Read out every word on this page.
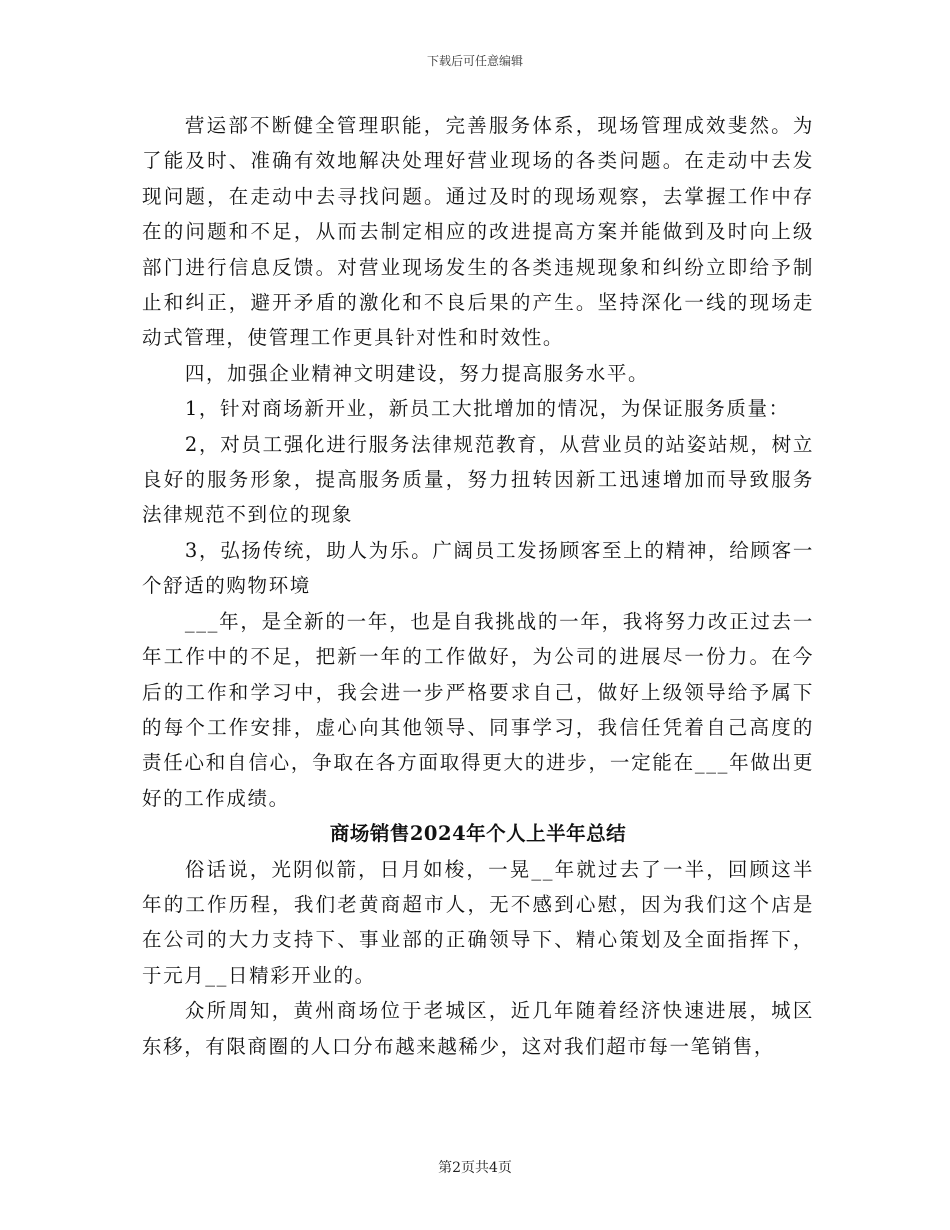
下载后可任意编辑

营运部不断健全管理职能，完善服务体系，现场管理成效斐然。为了能及时、准确有效地解决处理好营业现场的各类问题。在走动中去发现问题，在走动中去寻找问题。通过及时的现场观察，去掌握工作中存在的问题和不足，从而去制定相应的改进提高方案并能做到及时向上级部门进行信息反馈。对营业现场发生的各类违规现象和纠纷立即给予制止和纠正，避开矛盾的激化和不良后果的产生。坚持深化一线的现场走动式管理，使管理工作更具针对性和时效性。

四，加强企业精神文明建设，努力提高服务水平。

1，针对商场新开业，新员工大批增加的情况，为保证服务质量：

2，对员工强化进行服务法律规范教育，从营业员的站姿站规，树立良好的服务形象，提高服务质量，努力扭转因新工迅速增加而导致服务法律规范不到位的现象

3，弘扬传统，助人为乐。广阔员工发扬顾客至上的精神，给顾客一个舒适的购物环境

___年，是全新的一年，也是自我挑战的一年，我将努力改正过去一年工作中的不足，把新一年的工作做好，为公司的进展尽一份力。在今后的工作和学习中，我会进一步严格要求自己，做好上级领导给予属下的每个工作安排，虚心向其他领导、同事学习，我信任凭着自己高度的责任心和自信心，争取在各方面取得更大的进步，一定能在___年做出更好的工作成绩。

商场销售2024年个人上半年总结

俗话说，光阴似箭，日月如梭，一晃__年就过去了一半，回顾这半年的工作历程，我们老黄商超市人，无不感到心慰，因为我们这个店是在公司的大力支持下、事业部的正确领导下、精心策划及全面指挥下，于元月__日精彩开业的。

众所周知，黄州商场位于老城区，近几年随着经济快速进展，城区东移，有限商圈的人口分布越来越稀少，这对我们超市每一笔销售，

第2页共4页
